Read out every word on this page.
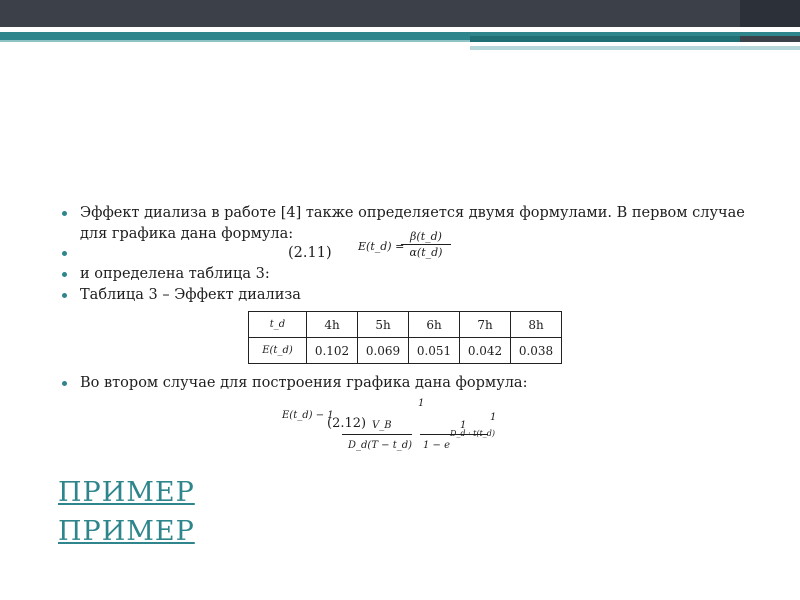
Эффект диализа в работе [4] также определяется двумя формулами. В первом случае для графика дана формула:
(2.11) E(t_d) =
β(t_d)
α(t_d)
и определена таблица 3:
Таблица 3 – Эффект диализа
t_d	4h	5h	6h	7h	8h
E(t_d)	0.102	0.069	0.051	0.042	0.038
Во втором случае для построения графика дана формула:
1
E(t_d) − 1
(2.12) V_B	1
1
D_d · t(t_d)
D_d(T − t_d) 1 − e
ПРИМЕР
ПРИМЕР
